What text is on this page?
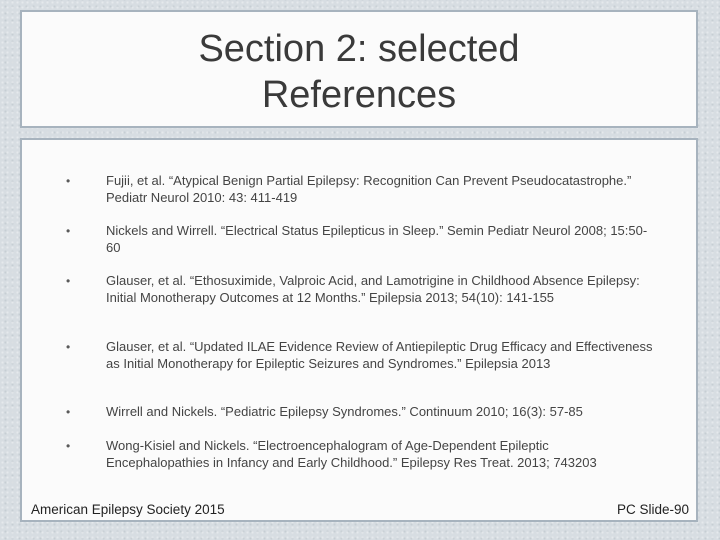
Section 2: selected
References
•	Fujii, et al. “Atypical Benign Partial Epilepsy: Recognition Can Prevent Pseudocatastrophe.” Pediatr Neurol 2010: 43: 411-419
•	Nickels and Wirrell. “Electrical Status Epilepticus in Sleep.” Semin Pediatr Neurol 2008; 15:50-60
•	Glauser, et al. “Ethosuximide, Valproic Acid, and Lamotrigine in Childhood Absence Epilepsy: Initial Monotherapy Outcomes at 12 Months.” Epilepsia 2013; 54(10): 141-155
•	Glauser, et al. “Updated ILAE Evidence Review of Antiepileptic Drug Efficacy and Effectiveness as Initial Monotherapy for Epileptic Seizures and Syndromes.” Epilepsia 2013
•	Wirrell and Nickels. “Pediatric Epilepsy Syndromes.” Continuum 2010; 16(3): 57-85
•	Wong-Kisiel and Nickels. “Electroencephalogram of Age-Dependent Epileptic Encephalopathies in Infancy and Early Childhood.” Epilepsy Res Treat. 2013; 743203
American Epilepsy Society 2015	PC Slide-90
